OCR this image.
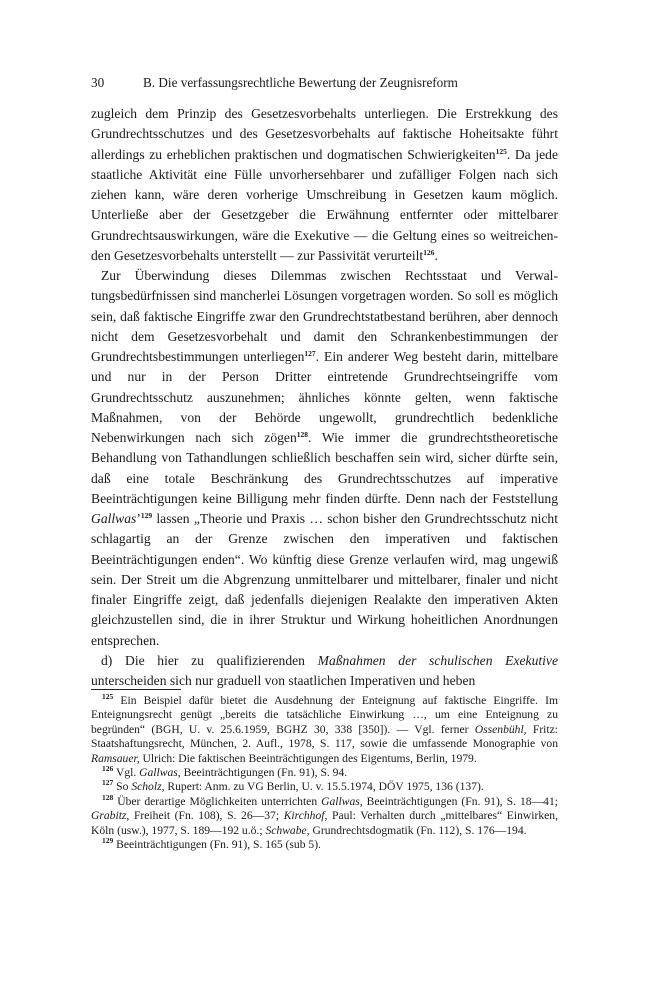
30	B. Die verfassungsrechtliche Bewertung der Zeugnisreform

zugleich dem Prinzip des Gesetzesvorbehalts unterliegen. Die Erstrekkung des Grundrechtsschutzes und des Gesetzesvorbehalts auf faktische Hoheitsakte führt allerdings zu erheblichen praktischen und dogmatischen Schwierigkeiten$^{125}$. Da jede staatliche Aktivität eine Fülle unvorhersehbarer und zufälliger Folgen nach sich ziehen kann, wäre deren vorherige Umschreibung in Gesetzen kaum möglich. Unterließe aber der Gesetzgeber die Erwähnung entfernter oder mittelbarer Grundrechtsauswirkungen, wäre die Exekutive — die Geltung eines so weitreichenden Gesetzesvorbehalts unterstellt — zur Passivität verurteilt$^{126}$.

Zur Überwindung dieses Dilemmas zwischen Rechtsstaat und Verwaltungsbedürfnissen sind mancherlei Lösungen vorgetragen worden. So soll es möglich sein, daß faktische Eingriffe zwar den Grundrechtstatbestand berühren, aber dennoch nicht dem Gesetzesvorbehalt und damit den Schrankenbestimmungen der Grundrechtsbestimmungen unterliegen$^{127}$. Ein anderer Weg besteht darin, mittelbare und nur in der Person Dritter eintretende Grundrechtseingriffe vom Grundrechtsschutz auszunehmen; ähnliches könnte gelten, wenn faktische Maßnahmen, von der Behörde ungewollt, grundrechtlich bedenkliche Nebenwirkungen nach sich zögen$^{128}$. Wie immer die grundrechtstheoretische Behandlung von Tathandlungen schließlich beschaffen sein wird, sicher dürfte sein, daß eine totale Beschränkung des Grundrechtsschutzes auf imperative Beeinträchtigungen keine Billigung mehr finden dürfte. Denn nach der Feststellung Gallwas’$^{129}$ lassen „Theorie und Praxis … schon bisher den Grundrechtsschutz nicht schlagartig an der Grenze zwischen den imperativen und faktischen Beeinträchtigungen enden“. Wo künftig diese Grenze verlaufen wird, mag ungewiß sein. Der Streit um die Abgrenzung unmittelbarer und mittelbarer, finaler und nicht finaler Eingriffe zeigt, daß jedenfalls diejenigen Realakte den imperativen Akten gleichzustellen sind, die in ihrer Struktur und Wirkung hoheitlichen Anordnungen entsprechen.

d) Die hier zu qualifizierenden Maßnahmen der schulischen Exekutive unterscheiden sich nur graduell von staatlichen Imperativen und heben

$^{125}$ Ein Beispiel dafür bietet die Ausdehnung der Enteignung auf faktische Eingriffe. Im Enteignungsrecht genügt „bereits die tatsächliche Einwirkung …, um eine Enteignung zu begründen“ (BGH, U. v. 25.6.1959, BGHZ 30, 338 [350]). — Vgl. ferner Ossenbühl, Fritz: Staatshaftungsrecht, München, 2. Aufl., 1978, S. 117, sowie die umfassende Monographie von Ramsauer, Ulrich: Die faktischen Beeinträchtigungen des Eigentums, Berlin, 1979.

$^{126}$ Vgl. Gallwas, Beeinträchtigungen (Fn. 91), S. 94.

$^{127}$ So Scholz, Rupert: Anm. zu VG Berlin, U. v. 15.5.1974, DÖV 1975, 136 (137).

$^{128}$ Über derartige Möglichkeiten unterrichten Gallwas, Beeinträchtigungen (Fn. 91), S. 18—41; Grabitz, Freiheit (Fn. 108), S. 26—37; Kirchhof, Paul: Verhalten durch „mittelbares“ Einwirken, Köln (usw.), 1977, S. 189—192 u.ö.; Schwabe, Grundrechtsdogmatik (Fn. 112), S. 176—194.

$^{129}$ Beeinträchtigungen (Fn. 91), S. 165 (sub 5).
